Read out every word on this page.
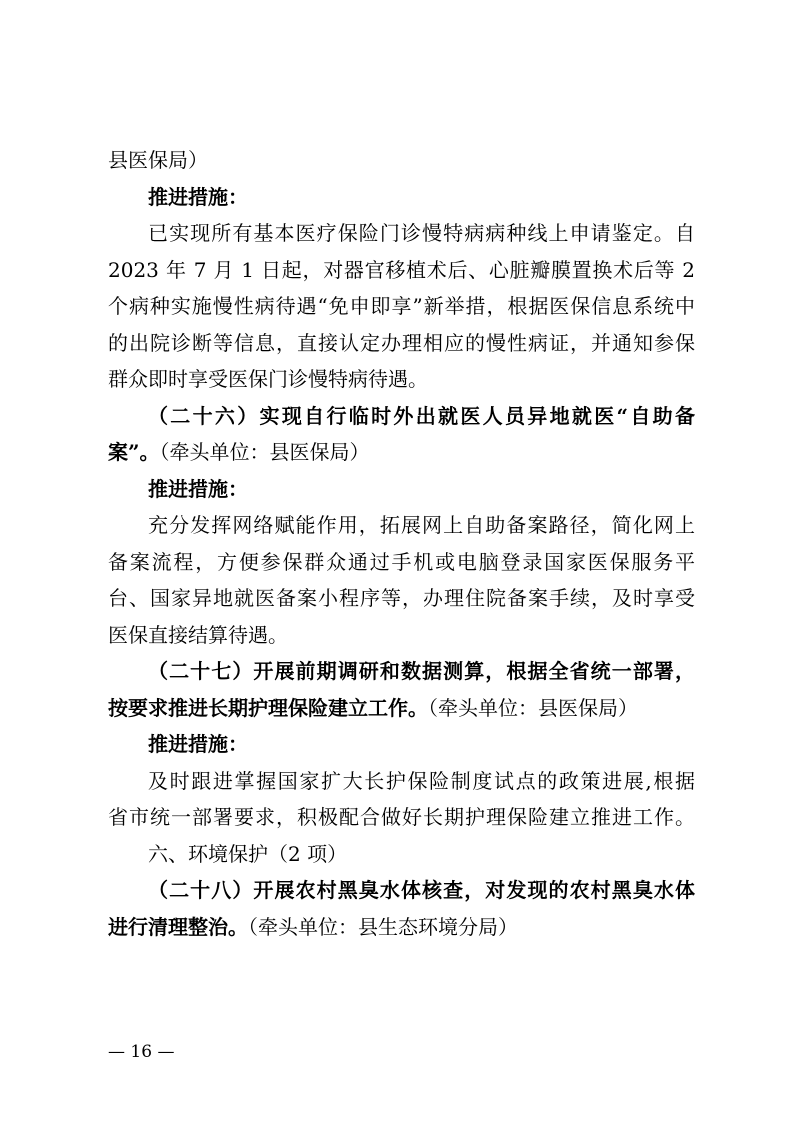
县医保局）
推进措施：
已实现所有基本医疗保险门诊慢特病病种线上申请鉴定。自
2023 年 7 月 1 日起，对器官移植术后、心脏瓣膜置换术后等 2
个病种实施慢性病待遇“免申即享”新举措，根据医保信息系统中
的出院诊断等信息，直接认定办理相应的慢性病证，并通知参保
群众即时享受医保门诊慢特病待遇。
（二十六）实现自行临时外出就医人员异地就医“自助备
案”。（牵头单位：县医保局）
推进措施：
充分发挥网络赋能作用，拓展网上自助备案路径，简化网上
备案流程，方便参保群众通过手机或电脑登录国家医保服务平
台、国家异地就医备案小程序等，办理住院备案手续，及时享受
医保直接结算待遇。
（二十七）开展前期调研和数据测算，根据全省统一部署，
按要求推进长期护理保险建立工作。（牵头单位：县医保局）
推进措施：
及时跟进掌握国家扩大长护保险制度试点的政策进展,根据
省市统一部署要求，积极配合做好长期护理保险建立推进工作。
六、环境保护（2 项）
（二十八）开展农村黑臭水体核查，对发现的农村黑臭水体
进行清理整治。（牵头单位：县生态环境分局）
— 16 —
